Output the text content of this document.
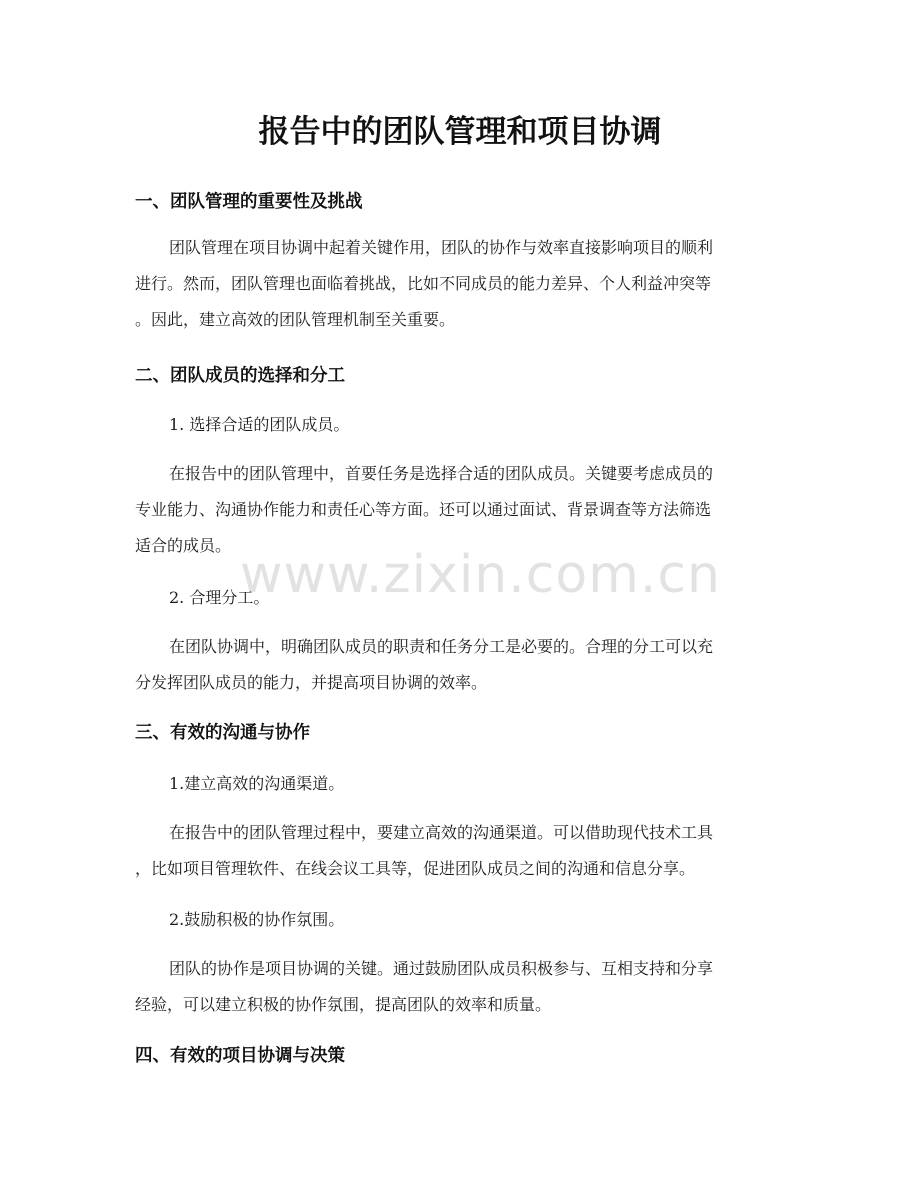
报告中的团队管理和项目协调
一、团队管理的重要性及挑战
团队管理在项目协调中起着关键作用，团队的协作与效率直接影响项目的顺利
进行。然而，团队管理也面临着挑战，比如不同成员的能力差异、个人利益冲突等
。因此，建立高效的团队管理机制至关重要。
二、团队成员的选择和分工
1. 选择合适的团队成员。
在报告中的团队管理中，首要任务是选择合适的团队成员。关键要考虑成员的
专业能力、沟通协作能力和责任心等方面。还可以通过面试、背景调查等方法筛选
适合的成员。
2. 合理分工。
在团队协调中，明确团队成员的职责和任务分工是必要的。合理的分工可以充
分发挥团队成员的能力，并提高项目协调的效率。
三、有效的沟通与协作
1.建立高效的沟通渠道。
在报告中的团队管理过程中，要建立高效的沟通渠道。可以借助现代技术工具
，比如项目管理软件、在线会议工具等，促进团队成员之间的沟通和信息分享。
2.鼓励积极的协作氛围。
团队的协作是项目协调的关键。通过鼓励团队成员积极参与、互相支持和分享
经验，可以建立积极的协作氛围，提高团队的效率和质量。
四、有效的项目协调与决策
www.zixin.com.cn
